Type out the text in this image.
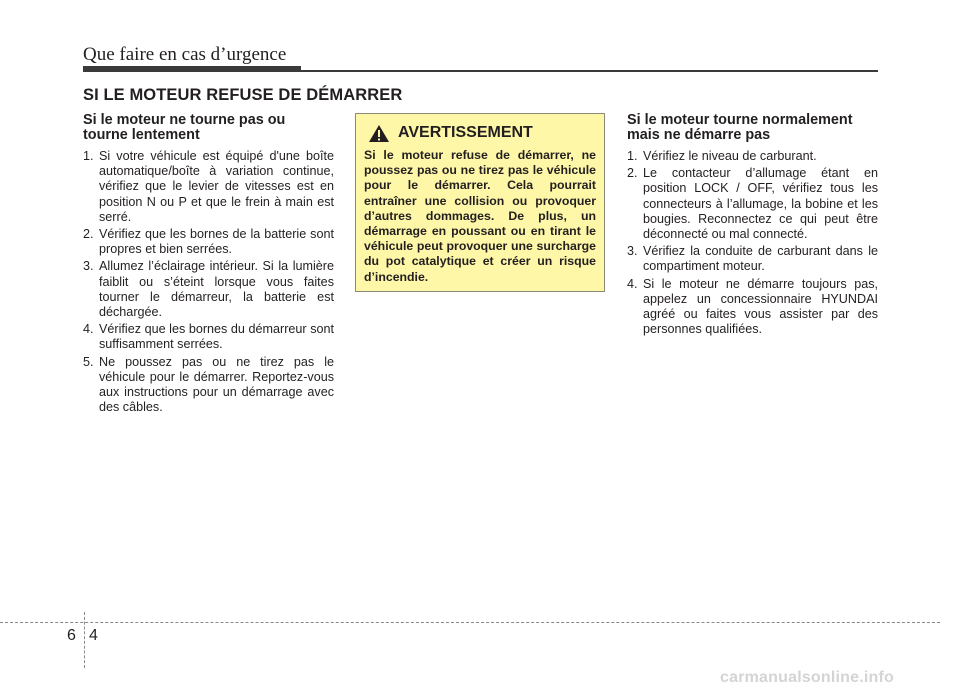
Que faire en cas d’urgence
SI LE MOTEUR REFUSE DE DÉMARRER
Si le moteur ne tourne pas ou tourne lentement
1. Si votre véhicule est équipé d'une boîte automatique/boîte à variation continue, vérifiez que le levier de vitesses est en position N ou P et que le frein à main est serré.
2. Vérifiez que les bornes de la batterie sont propres et bien serrées.
3. Allumez l’éclairage intérieur. Si la lumière faiblit ou s’éteint lorsque vous faites tourner le démarreur, la batterie est déchargée.
4. Vérifiez que les bornes du démarreur sont suffisamment serrées.
5. Ne poussez pas ou ne tirez pas le véhicule pour le démarrer. Reportez-vous aux instructions pour un démarrage avec des câbles.
AVERTISSEMENT
Si le moteur refuse de démarrer, ne poussez pas ou ne tirez pas le véhicule pour le démarrer. Cela pourrait entraîner une collision ou provoquer d’autres dommages. De plus, un démarrage en poussant ou en tirant le véhicule peut provoquer une surcharge du pot catalytique et créer un risque d’incendie.
Si le moteur tourne normalement mais ne démarre pas
1. Vérifiez le niveau de carburant.
2. Le contacteur d’allumage étant en position LOCK / OFF, vérifiez tous les connecteurs à l’allumage, la bobine et les bougies. Reconnectez ce qui peut être déconnecté ou mal connecté.
3. Vérifiez la conduite de carburant dans le compartiment moteur.
4. Si le moteur ne démarre toujours pas, appelez un concessionnaire HYUNDAI agréé ou faites vous assister par des personnes qualifiées.
6 4
carmanualsonline.info
